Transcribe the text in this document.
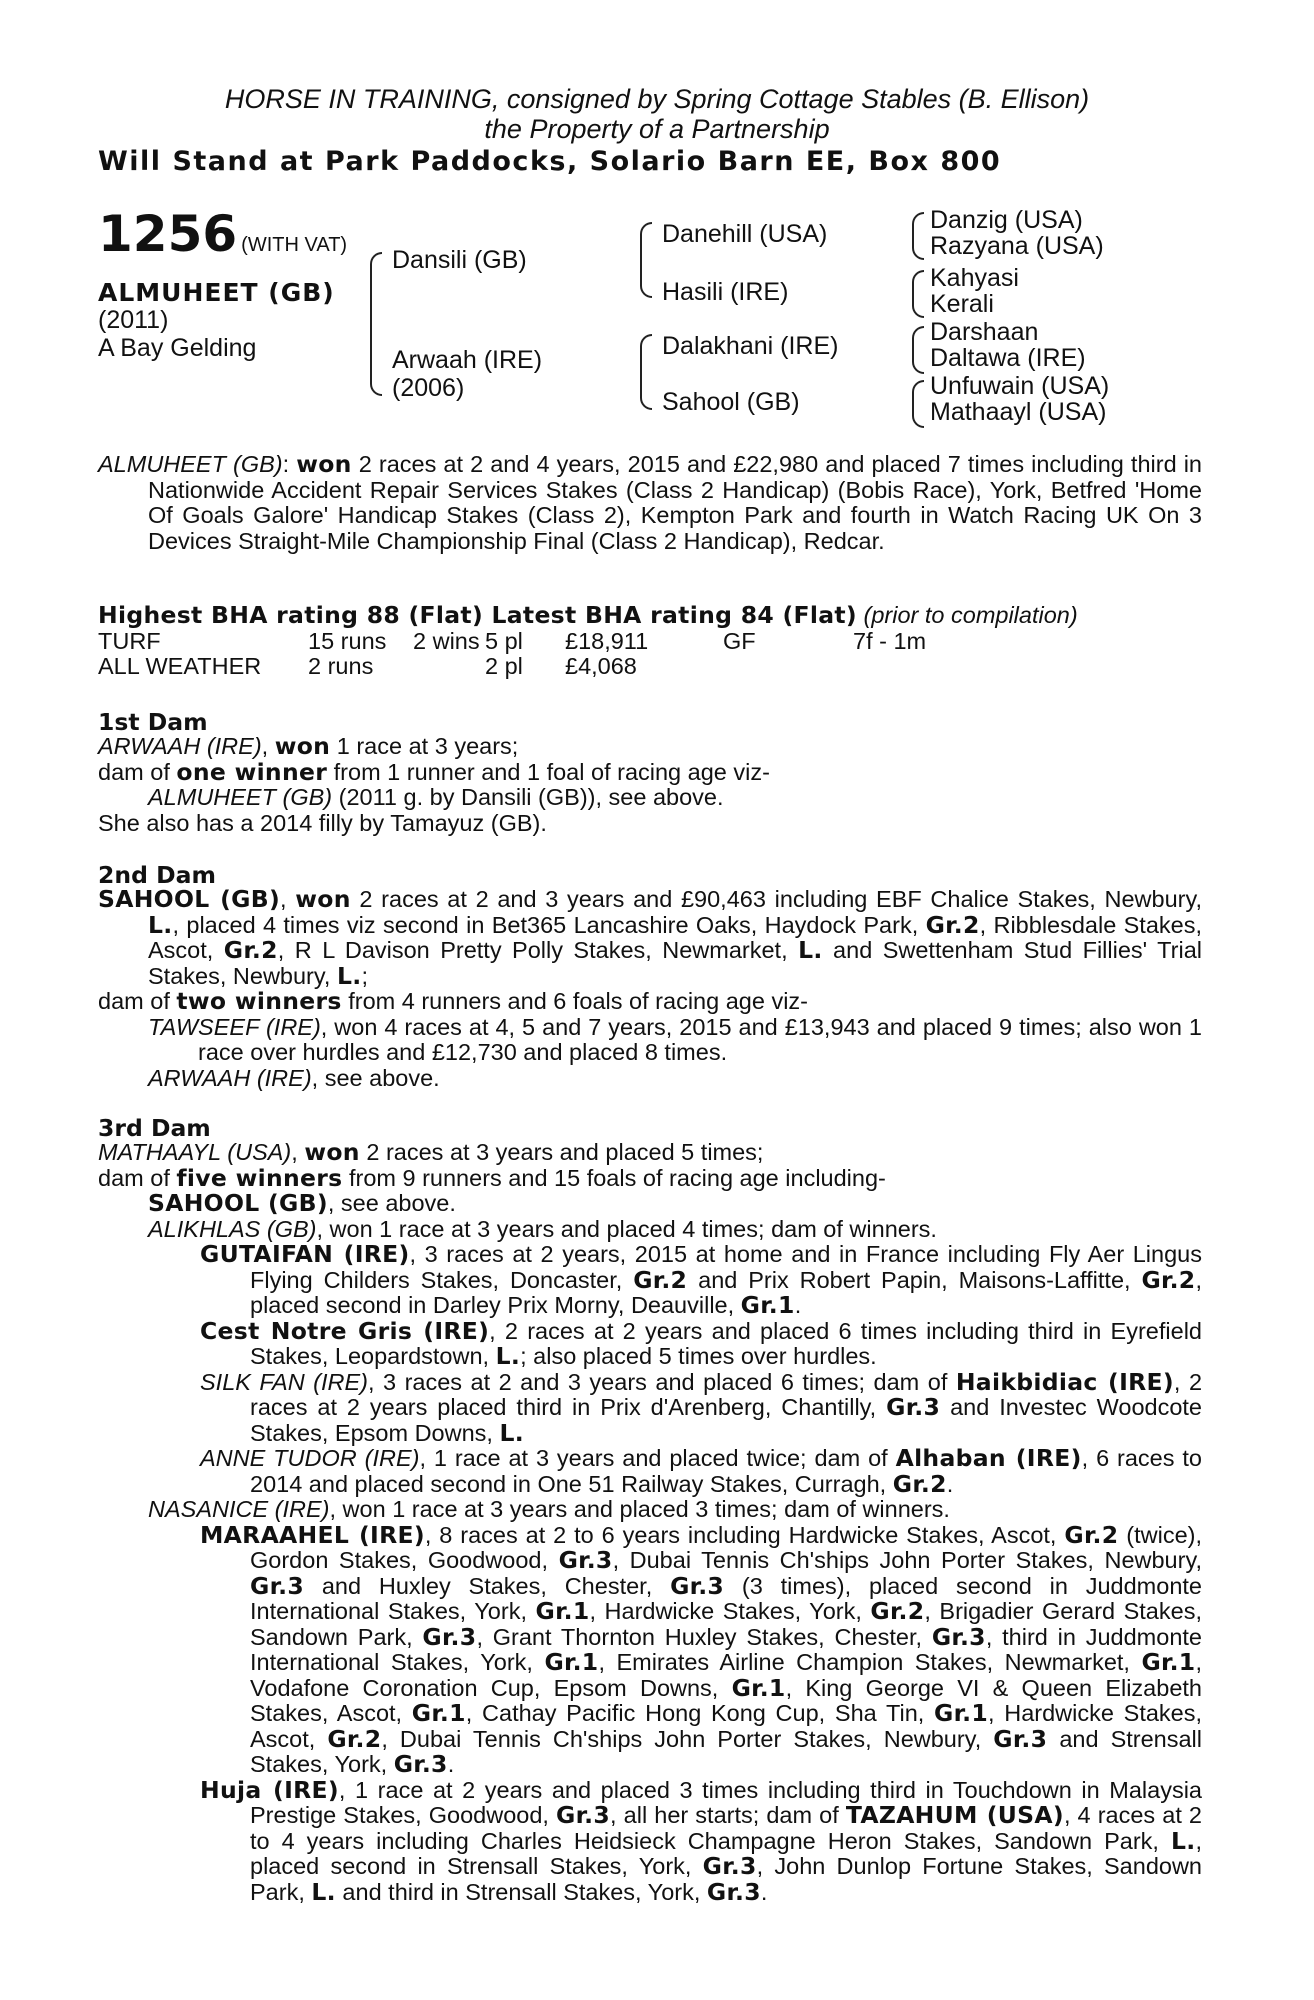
HORSE IN TRAINING, consigned by Spring Cottage Stables (B. Ellison)
the Property of a Partnership
Will Stand at Park Paddocks, Solario Barn EE, Box 800
1256 (WITH VAT)
ALMUHEET (GB)
(2011)
A Bay Gelding
Dansili (GB)
Arwaah (IRE)
(2006)
Danehill (USA)
Hasili (IRE)
Dalakhani (IRE)
Sahool (GB)
Danzig (USA)
Razyana (USA)
Kahyasi
Kerali
Darshaan
Daltawa (IRE)
Unfuwain (USA)
Mathaayl (USA)

ALMUHEET (GB): won 2 races at 2 and 4 years, 2015 and £22,980 and placed 7 times including third in Nationwide Accident Repair Services Stakes (Class 2 Handicap) (Bobis Race), York, Betfred 'Home Of Goals Galore' Handicap Stakes (Class 2), Kempton Park and fourth in Watch Racing UK On 3 Devices Straight-Mile Championship Final (Class 2 Handicap), Redcar.

Highest BHA rating 88 (Flat) Latest BHA rating 84 (Flat) (prior to compilation)
TURF	15 runs	2 wins	5 pl	£18,911	GF	7f - 1m
ALL WEATHER	2 runs		2 pl	£4,068		
1st Dam

ARWAAH (IRE), won 1 race at 3 years;

dam of one winner from 1 runner and 1 foal of racing age viz-

ALMUHEET (GB) (2011 g. by Dansili (GB)), see above.

She also has a 2014 filly by Tamayuz (GB).

2nd Dam

SAHOOL (GB), won 2 races at 2 and 3 years and £90,463 including EBF Chalice Stakes, Newbury, L., placed 4 times viz second in Bet365 Lancashire Oaks, Haydock Park, Gr.2, Ribblesdale Stakes, Ascot, Gr.2, R L Davison Pretty Polly Stakes, Newmarket, L. and Swettenham Stud Fillies' Trial Stakes, Newbury, L.;

dam of two winners from 4 runners and 6 foals of racing age viz-

TAWSEEF (IRE), won 4 races at 4, 5 and 7 years, 2015 and £13,943 and placed 9 times; also won 1 race over hurdles and £12,730 and placed 8 times.

ARWAAH (IRE), see above.

3rd Dam

MATHAAYL (USA), won 2 races at 3 years and placed 5 times;

dam of five winners from 9 runners and 15 foals of racing age including-

SAHOOL (GB), see above.

ALIKHLAS (GB), won 1 race at 3 years and placed 4 times; dam of winners.

GUTAIFAN (IRE), 3 races at 2 years, 2015 at home and in France including Fly Aer Lingus Flying Childers Stakes, Doncaster, Gr.2 and Prix Robert Papin, Maisons-Laffitte, Gr.2, placed second in Darley Prix Morny, Deauville, Gr.1.

Cest Notre Gris (IRE), 2 races at 2 years and placed 6 times including third in Eyrefield Stakes, Leopardstown, L.; also placed 5 times over hurdles.

SILK FAN (IRE), 3 races at 2 and 3 years and placed 6 times; dam of Haikbidiac (IRE), 2 races at 2 years placed third in Prix d'Arenberg, Chantilly, Gr.3 and Investec Woodcote Stakes, Epsom Downs, L.

ANNE TUDOR (IRE), 1 race at 3 years and placed twice; dam of Alhaban (IRE), 6 races to 2014 and placed second in One 51 Railway Stakes, Curragh, Gr.2.

NASANICE (IRE), won 1 race at 3 years and placed 3 times; dam of winners.

MARAAHEL (IRE), 8 races at 2 to 6 years including Hardwicke Stakes, Ascot, Gr.2 (twice), Gordon Stakes, Goodwood, Gr.3, Dubai Tennis Ch'ships John Porter Stakes, Newbury, Gr.3 and Huxley Stakes, Chester, Gr.3 (3 times), placed second in Juddmonte International Stakes, York, Gr.1, Hardwicke Stakes, York, Gr.2, Brigadier Gerard Stakes, Sandown Park, Gr.3, Grant Thornton Huxley Stakes, Chester, Gr.3, third in Juddmonte International Stakes, York, Gr.1, Emirates Airline Champion Stakes, Newmarket, Gr.1, Vodafone Coronation Cup, Epsom Downs, Gr.1, King George VI & Queen Elizabeth Stakes, Ascot, Gr.1, Cathay Pacific Hong Kong Cup, Sha Tin, Gr.1, Hardwicke Stakes, Ascot, Gr.2, Dubai Tennis Ch'ships John Porter Stakes, Newbury, Gr.3 and Strensall Stakes, York, Gr.3.

Huja (IRE), 1 race at 2 years and placed 3 times including third in Touchdown in Malaysia Prestige Stakes, Goodwood, Gr.3, all her starts; dam of TAZAHUM (USA), 4 races at 2 to 4 years including Charles Heidsieck Champagne Heron Stakes, Sandown Park, L., placed second in Strensall Stakes, York, Gr.3, John Dunlop Fortune Stakes, Sandown Park, L. and third in Strensall Stakes, York, Gr.3.
